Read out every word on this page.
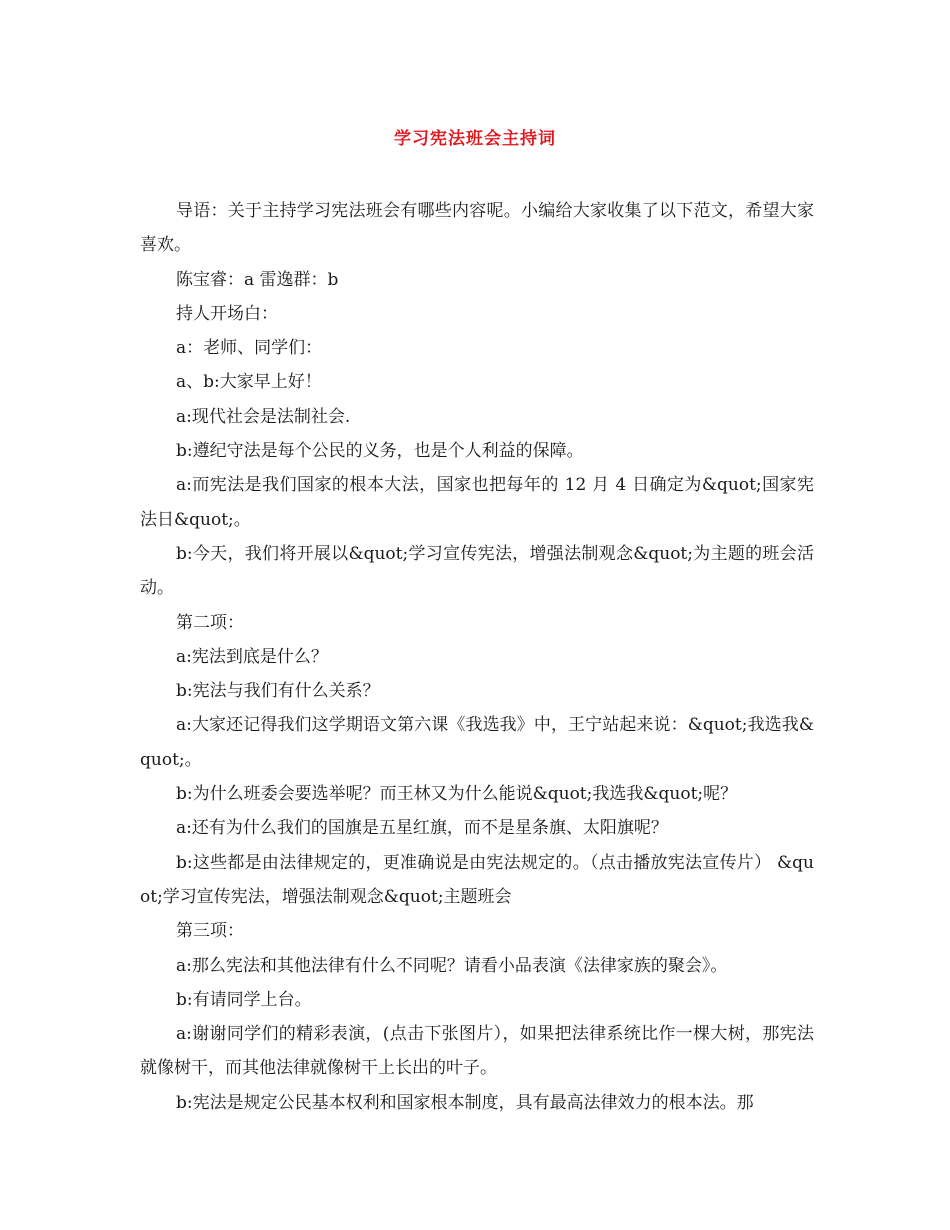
学习宪法班会主持词

导语：关于主持学习宪法班会有哪些内容呢。小编给大家收集了以下范文，希望大家喜欢。

陈宝睿：a 雷逸群：b

持人开场白：

a：老师、同学们：

a、b:大家早上好！

a:现代社会是法制社会.

b:遵纪守法是每个公民的义务，也是个人利益的保障。

a:而宪法是我们国家的根本大法，国家也把每年的 12 月 4 日确定为&quot;国家宪法日&quot;。

b:今天，我们将开展以&quot;学习宣传宪法，增强法制观念&quot;为主题的班会活动。

第二项：

a:宪法到底是什么？

b:宪法与我们有什么关系？

a:大家还记得我们这学期语文第六课《我选我》中，王宁站起来说：&quot;我选我&quot;。

b:为什么班委会要选举呢？而王林又为什么能说&quot;我选我&quot;呢？

a:还有为什么我们的国旗是五星红旗，而不是星条旗、太阳旗呢？

b:这些都是由法律规定的，更准确说是由宪法规定的。（点击播放宪法宣传片） &quot;学习宣传宪法，增强法制观念&quot;主题班会

第三项：

a:那么宪法和其他法律有什么不同呢？请看小品表演《法律家族的聚会》。

b:有请同学上台。

a:谢谢同学们的精彩表演，(点击下张图片），如果把法律系统比作一棵大树，那宪法就像树干，而其他法律就像树干上长出的叶子。

b:宪法是规定公民基本权利和国家根本制度，具有最高法律效力的根本法。那
